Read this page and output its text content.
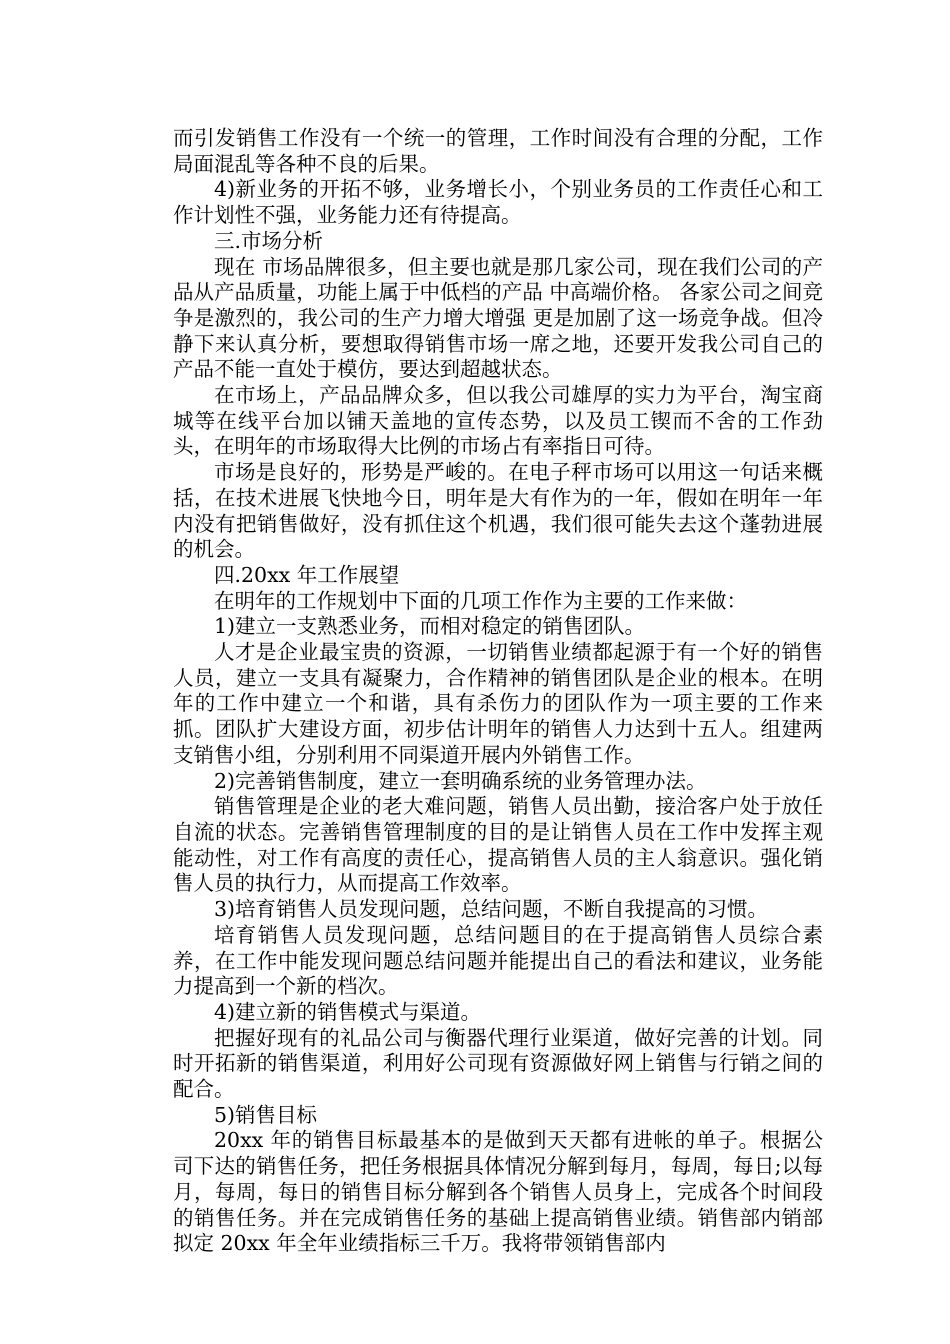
而引发销售工作没有一个统一的管理，工作时间没有合理的分配，工作局面混乱等各种不良的后果。

4)新业务的开拓不够，业务增长小，个别业务员的工作责任心和工作计划性不强，业务能力还有待提高。

三.市场分析

现在 市场品牌很多，但主要也就是那几家公司，现在我们公司的产品从产品质量，功能上属于中低档的产品 中高端价格。 各家公司之间竞争是激烈的，我公司的生产力增大增强 更是加剧了这一场竞争战。但冷静下来认真分析，要想取得销售市场一席之地，还要开发我公司自己的产品不能一直处于模仿，要达到超越状态。

在市场上，产品品牌众多，但以我公司雄厚的实力为平台，淘宝商城等在线平台加以铺天盖地的宣传态势，以及员工锲而不舍的工作劲头，在明年的市场取得大比例的市场占有率指日可待。

市场是良好的，形势是严峻的。在电子秤市场可以用这一句话来概括，在技术进展飞快地今日，明年是大有作为的一年，假如在明年一年内没有把销售做好，没有抓住这个机遇，我们很可能失去这个蓬勃进展的机会。

四.20xx 年工作展望

在明年的工作规划中下面的几项工作作为主要的工作来做：

1)建立一支熟悉业务，而相对稳定的销售团队。

人才是企业最宝贵的资源，一切销售业绩都起源于有一个好的销售人员，建立一支具有凝聚力，合作精神的销售团队是企业的根本。在明年的工作中建立一个和谐，具有杀伤力的团队作为一项主要的工作来抓。团队扩大建设方面，初步估计明年的销售人力达到十五人。组建两支销售小组，分别利用不同渠道开展内外销售工作。

2)完善销售制度，建立一套明确系统的业务管理办法。

销售管理是企业的老大难问题，销售人员出勤，接洽客户处于放任自流的状态。完善销售管理制度的目的是让销售人员在工作中发挥主观能动性，对工作有高度的责任心，提高销售人员的主人翁意识。强化销售人员的执行力，从而提高工作效率。

3)培育销售人员发现问题，总结问题，不断自我提高的习惯。

培育销售人员发现问题，总结问题目的在于提高销售人员综合素养，在工作中能发现问题总结问题并能提出自己的看法和建议，业务能力提高到一个新的档次。

4)建立新的销售模式与渠道。

把握好现有的礼品公司与衡器代理行业渠道，做好完善的计划。同时开拓新的销售渠道，利用好公司现有资源做好网上销售与行销之间的配合。

5)销售目标

20xx 年的销售目标最基本的是做到天天都有进帐的单子。根据公司下达的销售任务，把任务根据具体情况分解到每月，每周，每日;以每月，每周，每日的销售目标分解到各个销售人员身上，完成各个时间段的销售任务。并在完成销售任务的基础上提高销售业绩。销售部内销部拟定 20xx 年全年业绩指标三千万。我将带领销售部内
